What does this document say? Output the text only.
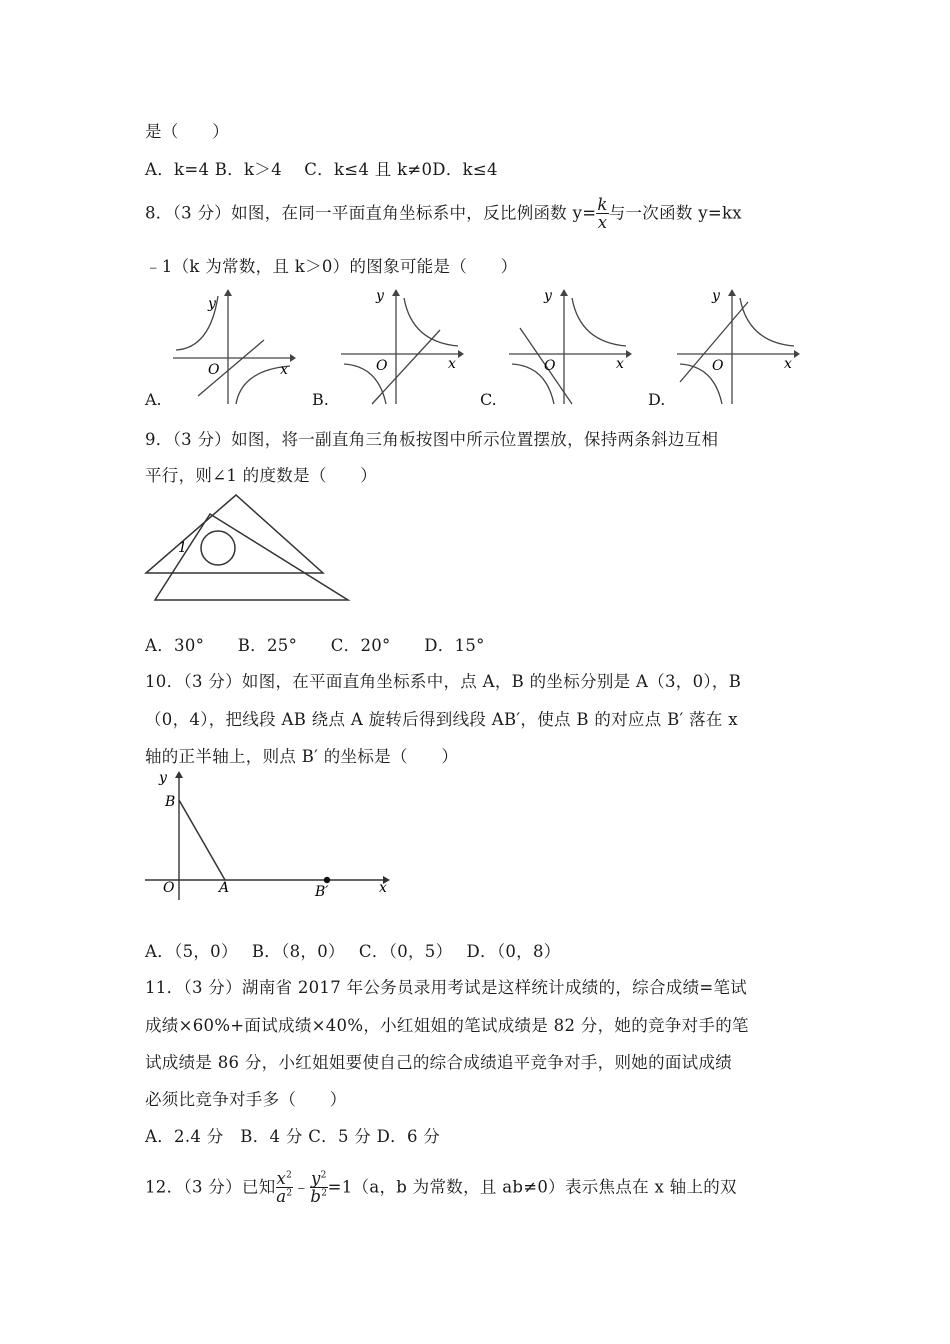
是（　　）
A．k=4 B．k＞4　 C．k≤4 且 k≠0D．k≤4
8．（3 分）如图，在同一平面直角坐标系中，反比例函数 $y= \frac{k}{x}$ 与一次函数 y=kx
﹣1（k 为常数，且 k＞0）的图象可能是（　　）
y
x
O
y
x
O
y
x
O
y
x
O
A.	B.	C.	D.
9．（3 分）如图，将一副直角三角板按图中所示位置摆放，保持两条斜边互相
平行，则∠1 的度数是（　　）
1
A．30°　　B．25°　　C．20°　　D．15°
10．（3 分）如图，在平面直角坐标系中，点 A，B 的坐标分别是 A（3，0），B
（0，4），把线段 AB 绕点 A 旋转后得到线段 AB′，使点 B 的对应点 B′ 落在 x
轴的正半轴上，则点 B′ 的坐标是（　　）
y
B
O	A	B′	x
A．（5，0）　 B．（8，0）　 C．（0，5）　 D．（0，8）
11．（3 分）湖南省 2017 年公务员录用考试是这样统计成绩的，综合成绩=笔试
成绩×60%+面试成绩×40%，小红姐姐的笔试成绩是 82 分，她的竞争对手的笔
试成绩是 86 分，小红姐姐要使自己的综合成绩追平竞争对手，则她的面试成绩
必须比竞争对手多（　　）
A．2.4 分　B．4 分 C．5 分 D．6 分
12．（3 分）已知 $\frac{x^2}{a^2}$ ﹣ $\frac{y^2}{b^2} =1(a$，b 为常数，且 ab≠0）表示焦点在 x 轴上的双
